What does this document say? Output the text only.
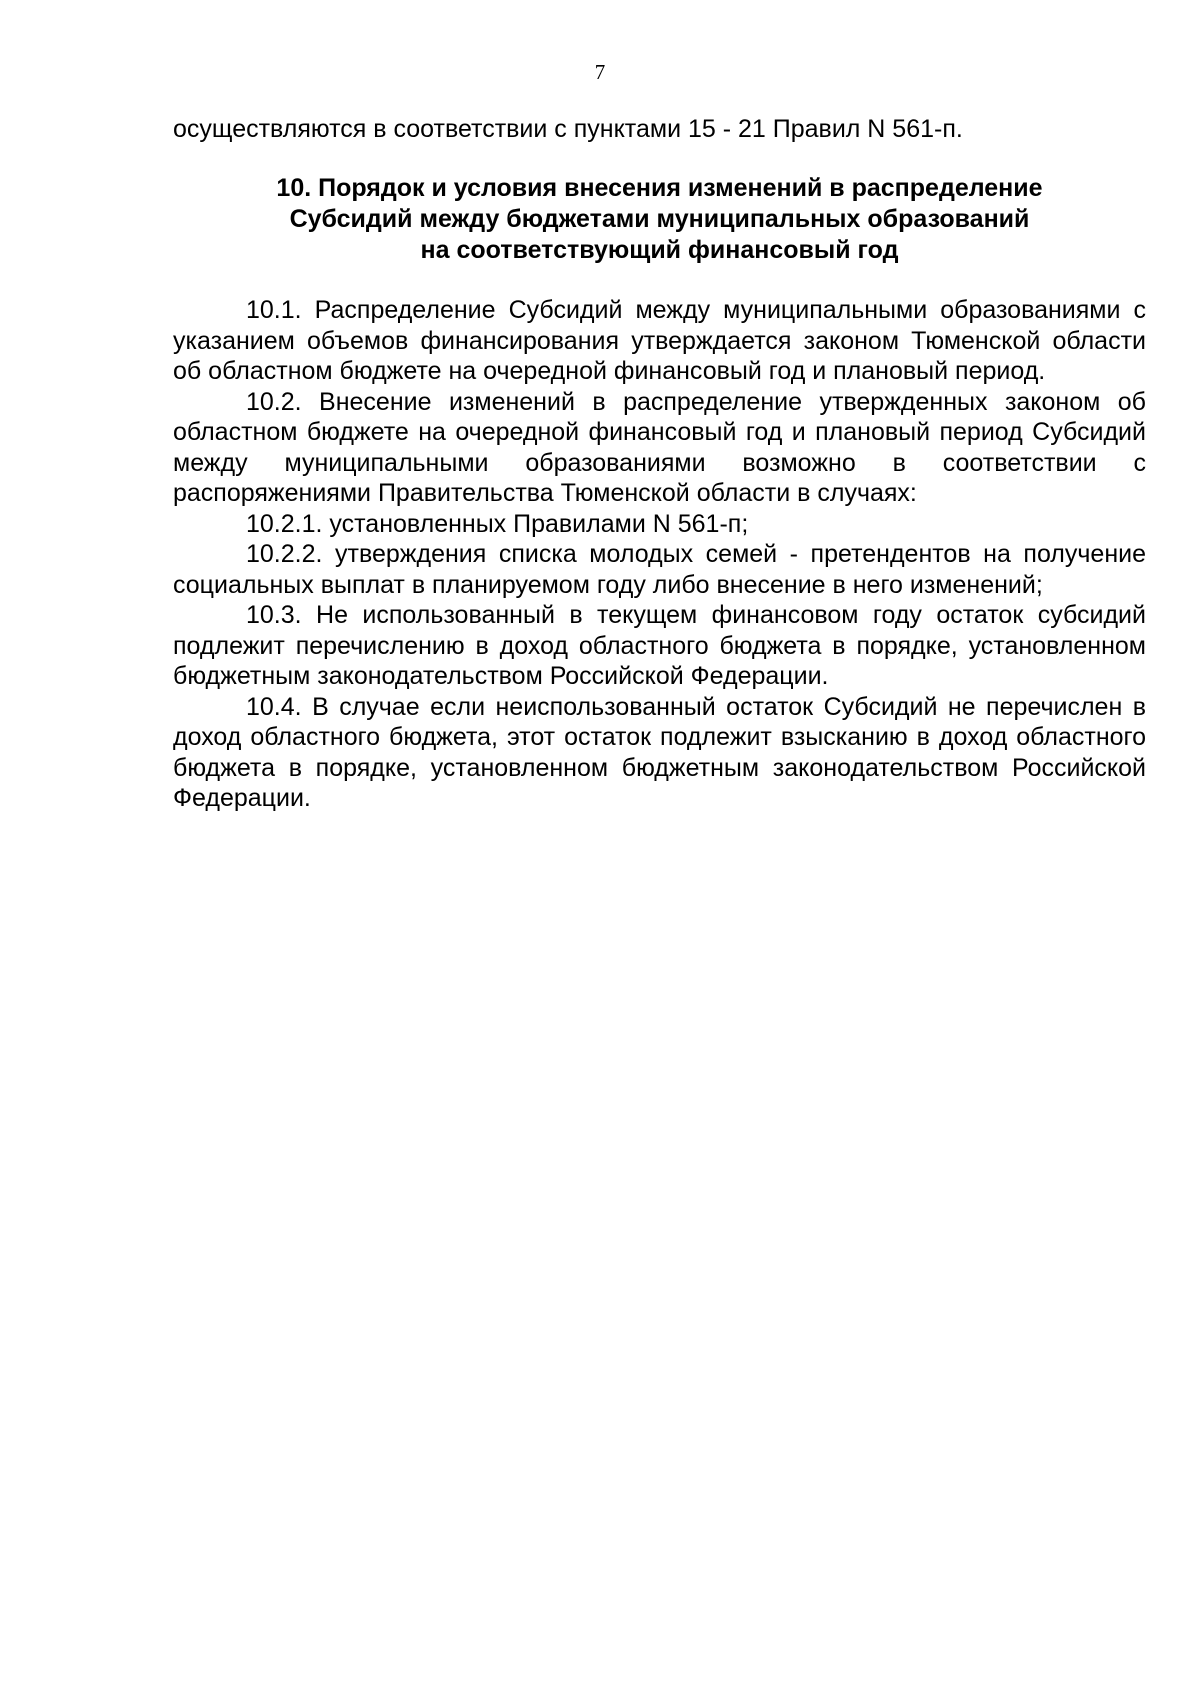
7

осуществляются в соответствии с пунктами 15 - 21 Правил N 561-п.

10. Порядок и условия внесения изменений в распределение
Субсидий между бюджетами муниципальных образований
на соответствующий финансовый год

10.1. Распределение Субсидий между муниципальными образованиями с указанием объемов финансирования утверждается законом Тюменской области об областном бюджете на очередной финансовый год и плановый период.

10.2. Внесение изменений в распределение утвержденных законом об областном бюджете на очередной финансовый год и плановый период Субсидий между муниципальными образованиями возможно в соответствии с распоряжениями Правительства Тюменской области в случаях:

10.2.1. установленных Правилами N 561-п;

10.2.2. утверждения списка молодых семей - претендентов на получение социальных выплат в планируемом году либо внесение в него изменений;

10.3. Не использованный в текущем финансовом году остаток субсидий подлежит перечислению в доход областного бюджета в порядке, установленном бюджетным законодательством Российской Федерации.

10.4. В случае если неиспользованный остаток Субсидий не перечислен в доход областного бюджета, этот остаток подлежит взысканию в доход областного бюджета в порядке, установленном бюджетным законодательством Российской Федерации.
